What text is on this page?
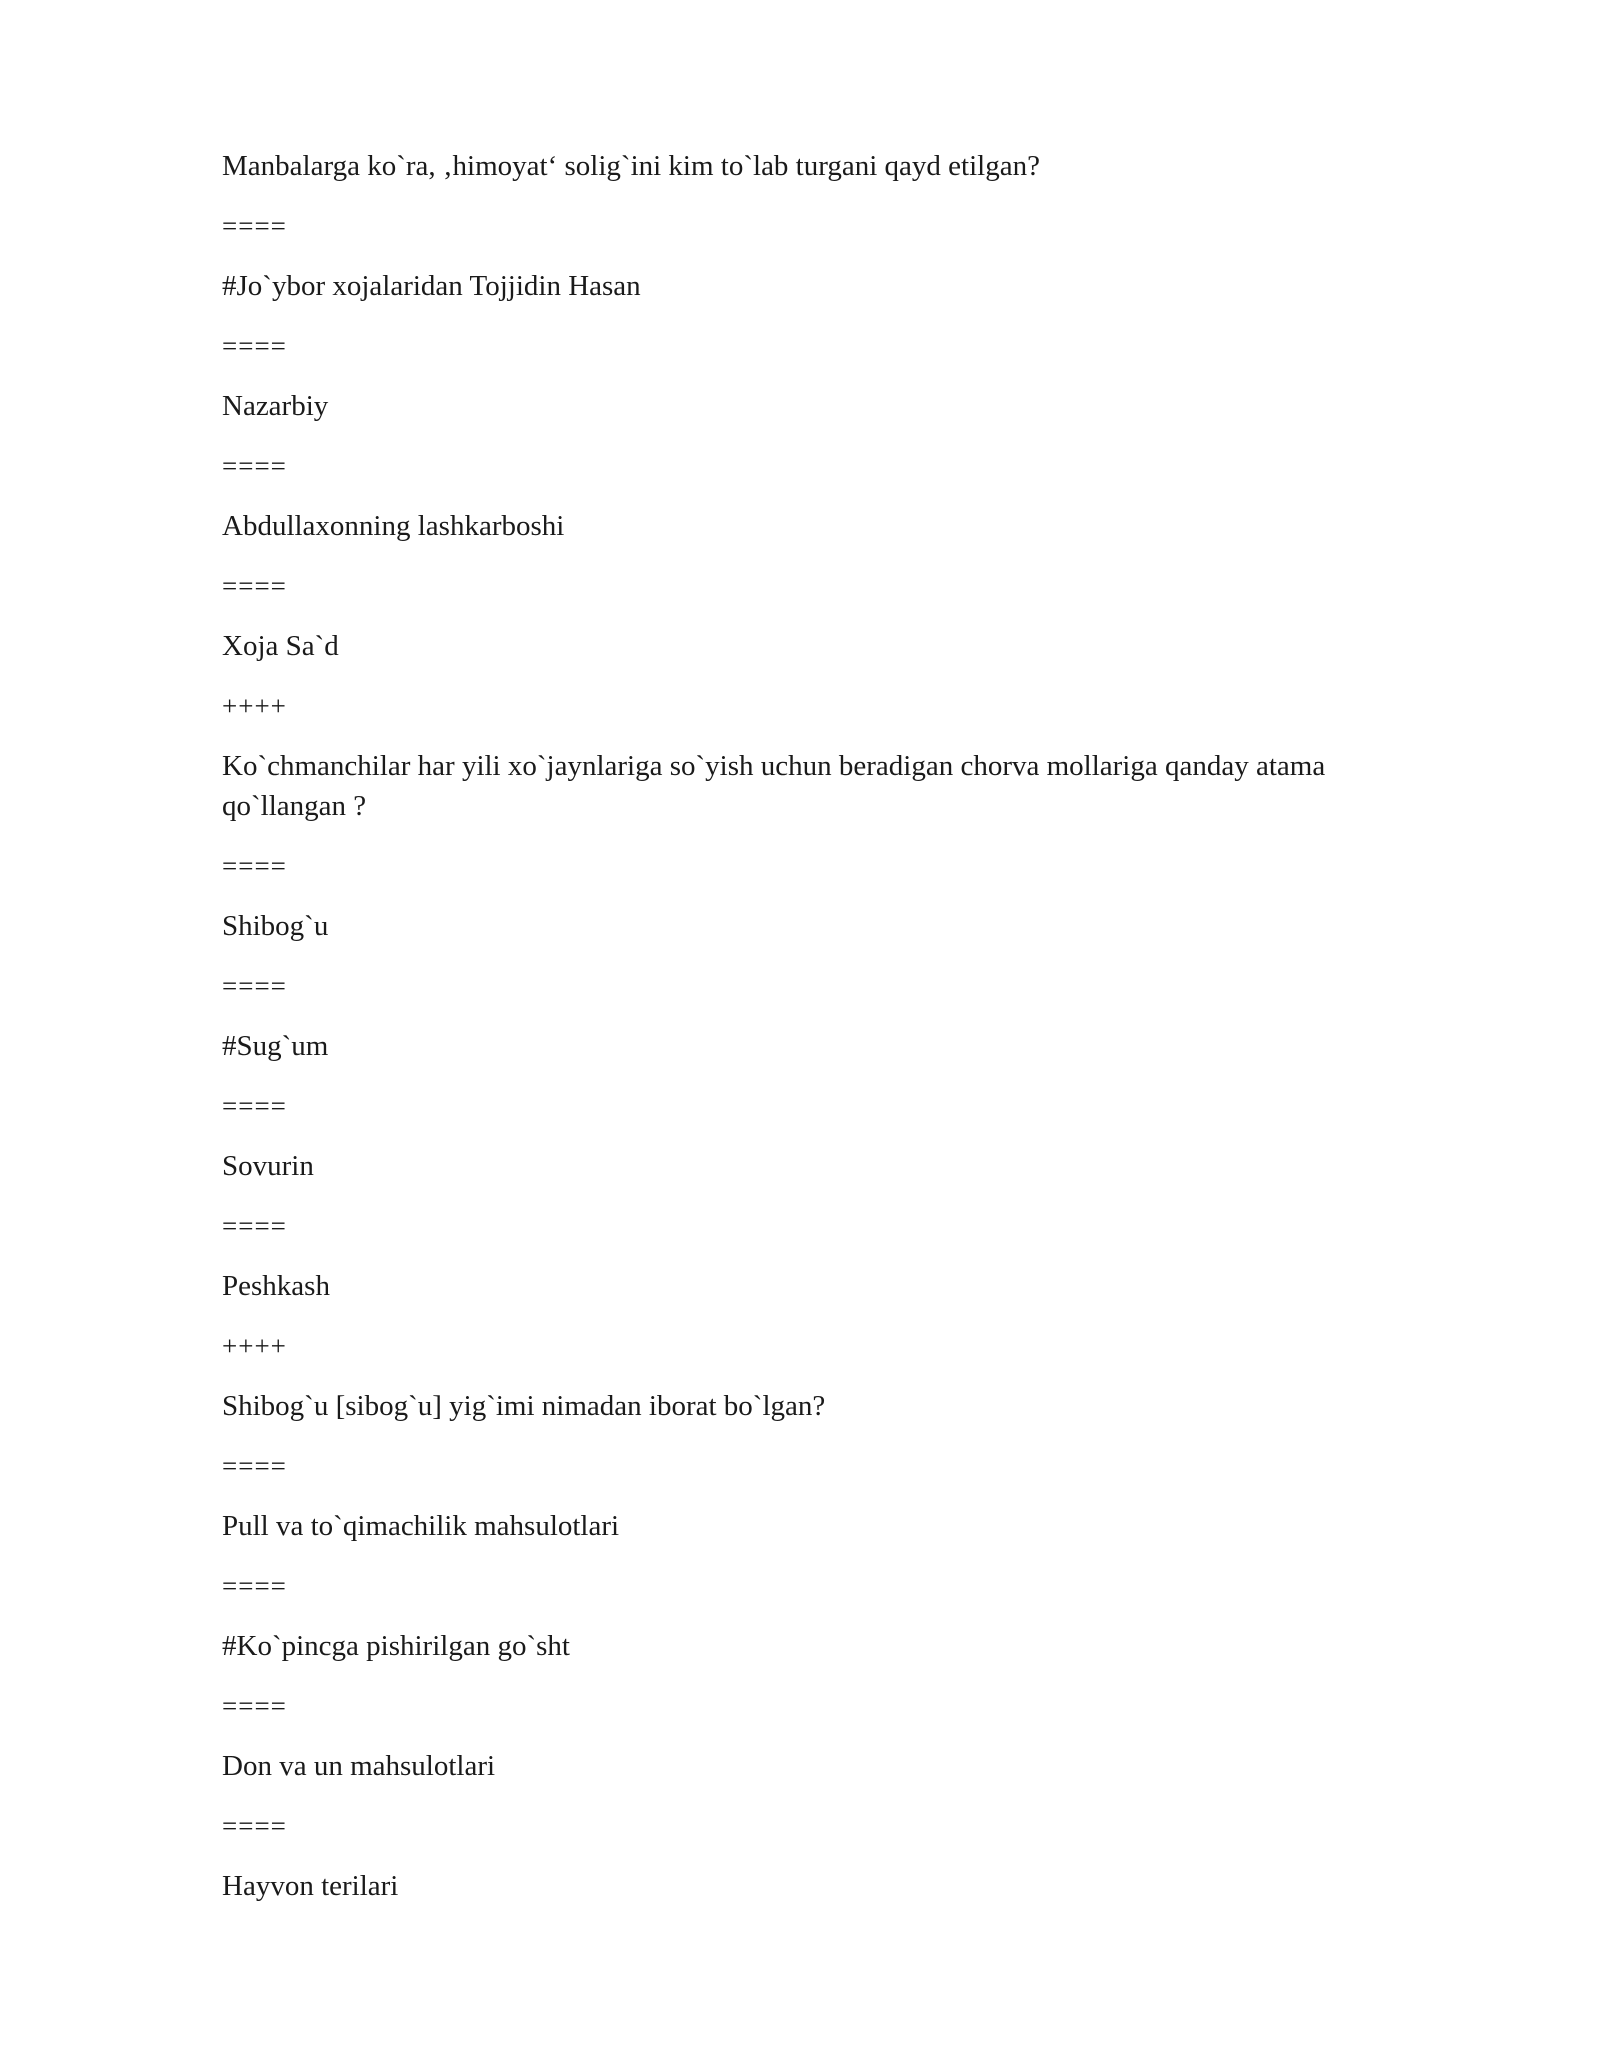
Manbalarga ko`ra, ‚himoyat‘ solig`ini kim to`lab turgani qayd etilgan?

====

#Jo`ybor xojalaridan Tojjidin Hasan

====

Nazarbiy

====

Abdullaxonning lashkarboshi

====

Xoja Sa`d

++++

Ko`chmanchilar har yili xo`jaynlariga so`yish uchun beradigan chorva mollariga qanday atama qo`llangan ?

====

Shibog`u

====

#Sug`um

====

Sovurin

====

Peshkash

++++

Shibog`u [sibog`u] yig`imi nimadan iborat bo`lgan?

====

Pull va to`qimachilik mahsulotlari

====

#Ko`pincga pishirilgan go`sht

====

Don va un mahsulotlari

====

Hayvon terilari
